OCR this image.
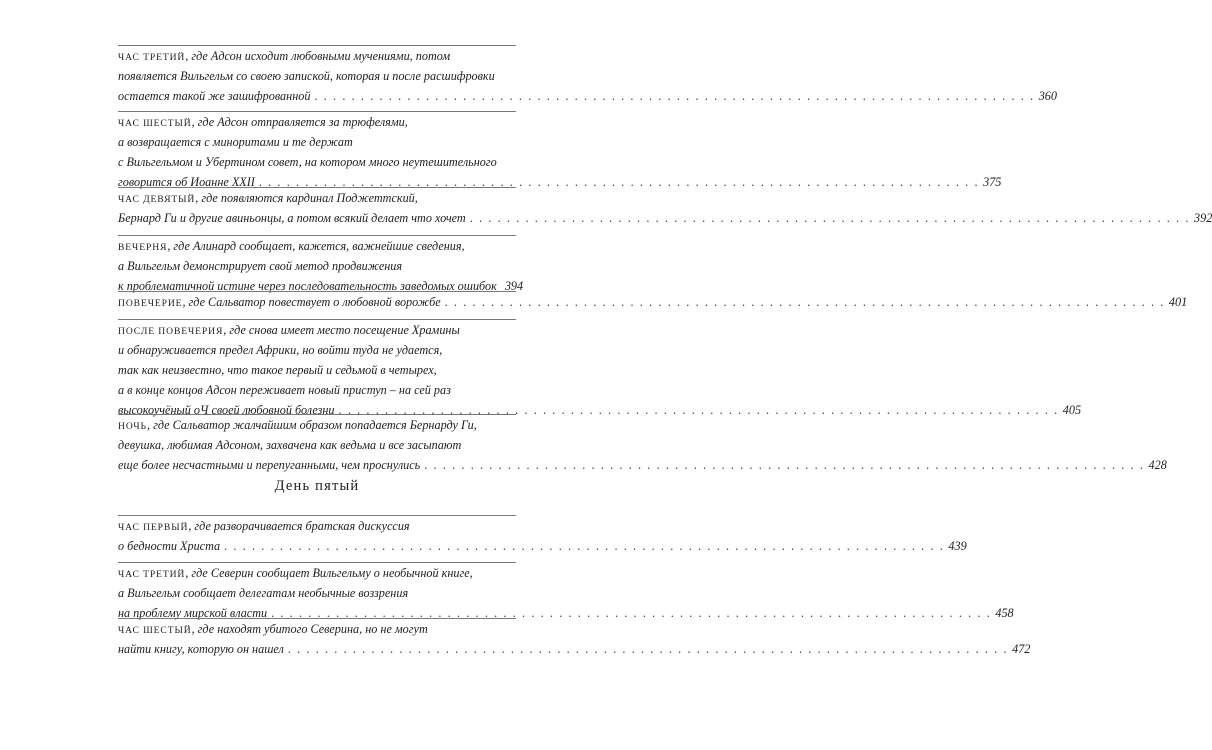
ЧАС ТРЕТИЙ, где Адсон исходит любовными мучениями, потом
появляется Вильгельм со своею запиской, которая и после расшифровки
остается такой же зашифрованной . . .	360
ЧАС ШЕСТЫЙ, где Адсон отправляется за трюфелями,
а возвращается с миноритами и те держат
с Вильгельмом и Убертином совет, на котором много неутешительного
говорится об Иоанне XXII . . .	375
ЧАС ДЕВЯТЫЙ, где появляются кардинал Поджеттский,
Бернард Ги и другие авиньонцы, а потом всякий делает что хочет . . .	392
ВЕЧЕРНЯ, где Алинард сообщает, кажется, важнейшие сведения,
а Вильгельм демонстрирует свой метод продвижения
к проблематичной истине через последовательность заведомых ошибок 394
ПОВЕЧЕРИЕ, где Сальватор повествует о любовной ворожбе . . .	401
ПОСЛЕ ПОВЕЧЕРИЯ, где снова имеет место посещение Храмины
и обнаруживается предел Африки, но войти туда не удается,
так как неизвестно, что такое первый и седьмой в четырех,
а в конце концов Адсон переживает новый приступ – на сей раз
высокоучёный оЧ своей любовной болезни . . .	405
НОЧЬ, где Сальватор жалчайшим образом попадается Бернарду Ги,
девушка, любимая Адсоном, захвачена как ведьма и все засыпают
еще более несчастными и перепуганными, чем проснулись . . .	428
День пятый
ЧАС ПЕРВЫЙ, где разворачивается братская дискуссия
о бедности Христа . . .	439
ЧАС ТРЕТИЙ, где Северин сообщает Вильгельму о необычной книге,
а Вильгельм сообщает делегатам необычные воззрения
на проблему мирской власти . . .	458
ЧАС ШЕСТЫЙ, где находят убитого Северина, но не могут
найти книгу, которую он нашел . . .	472
